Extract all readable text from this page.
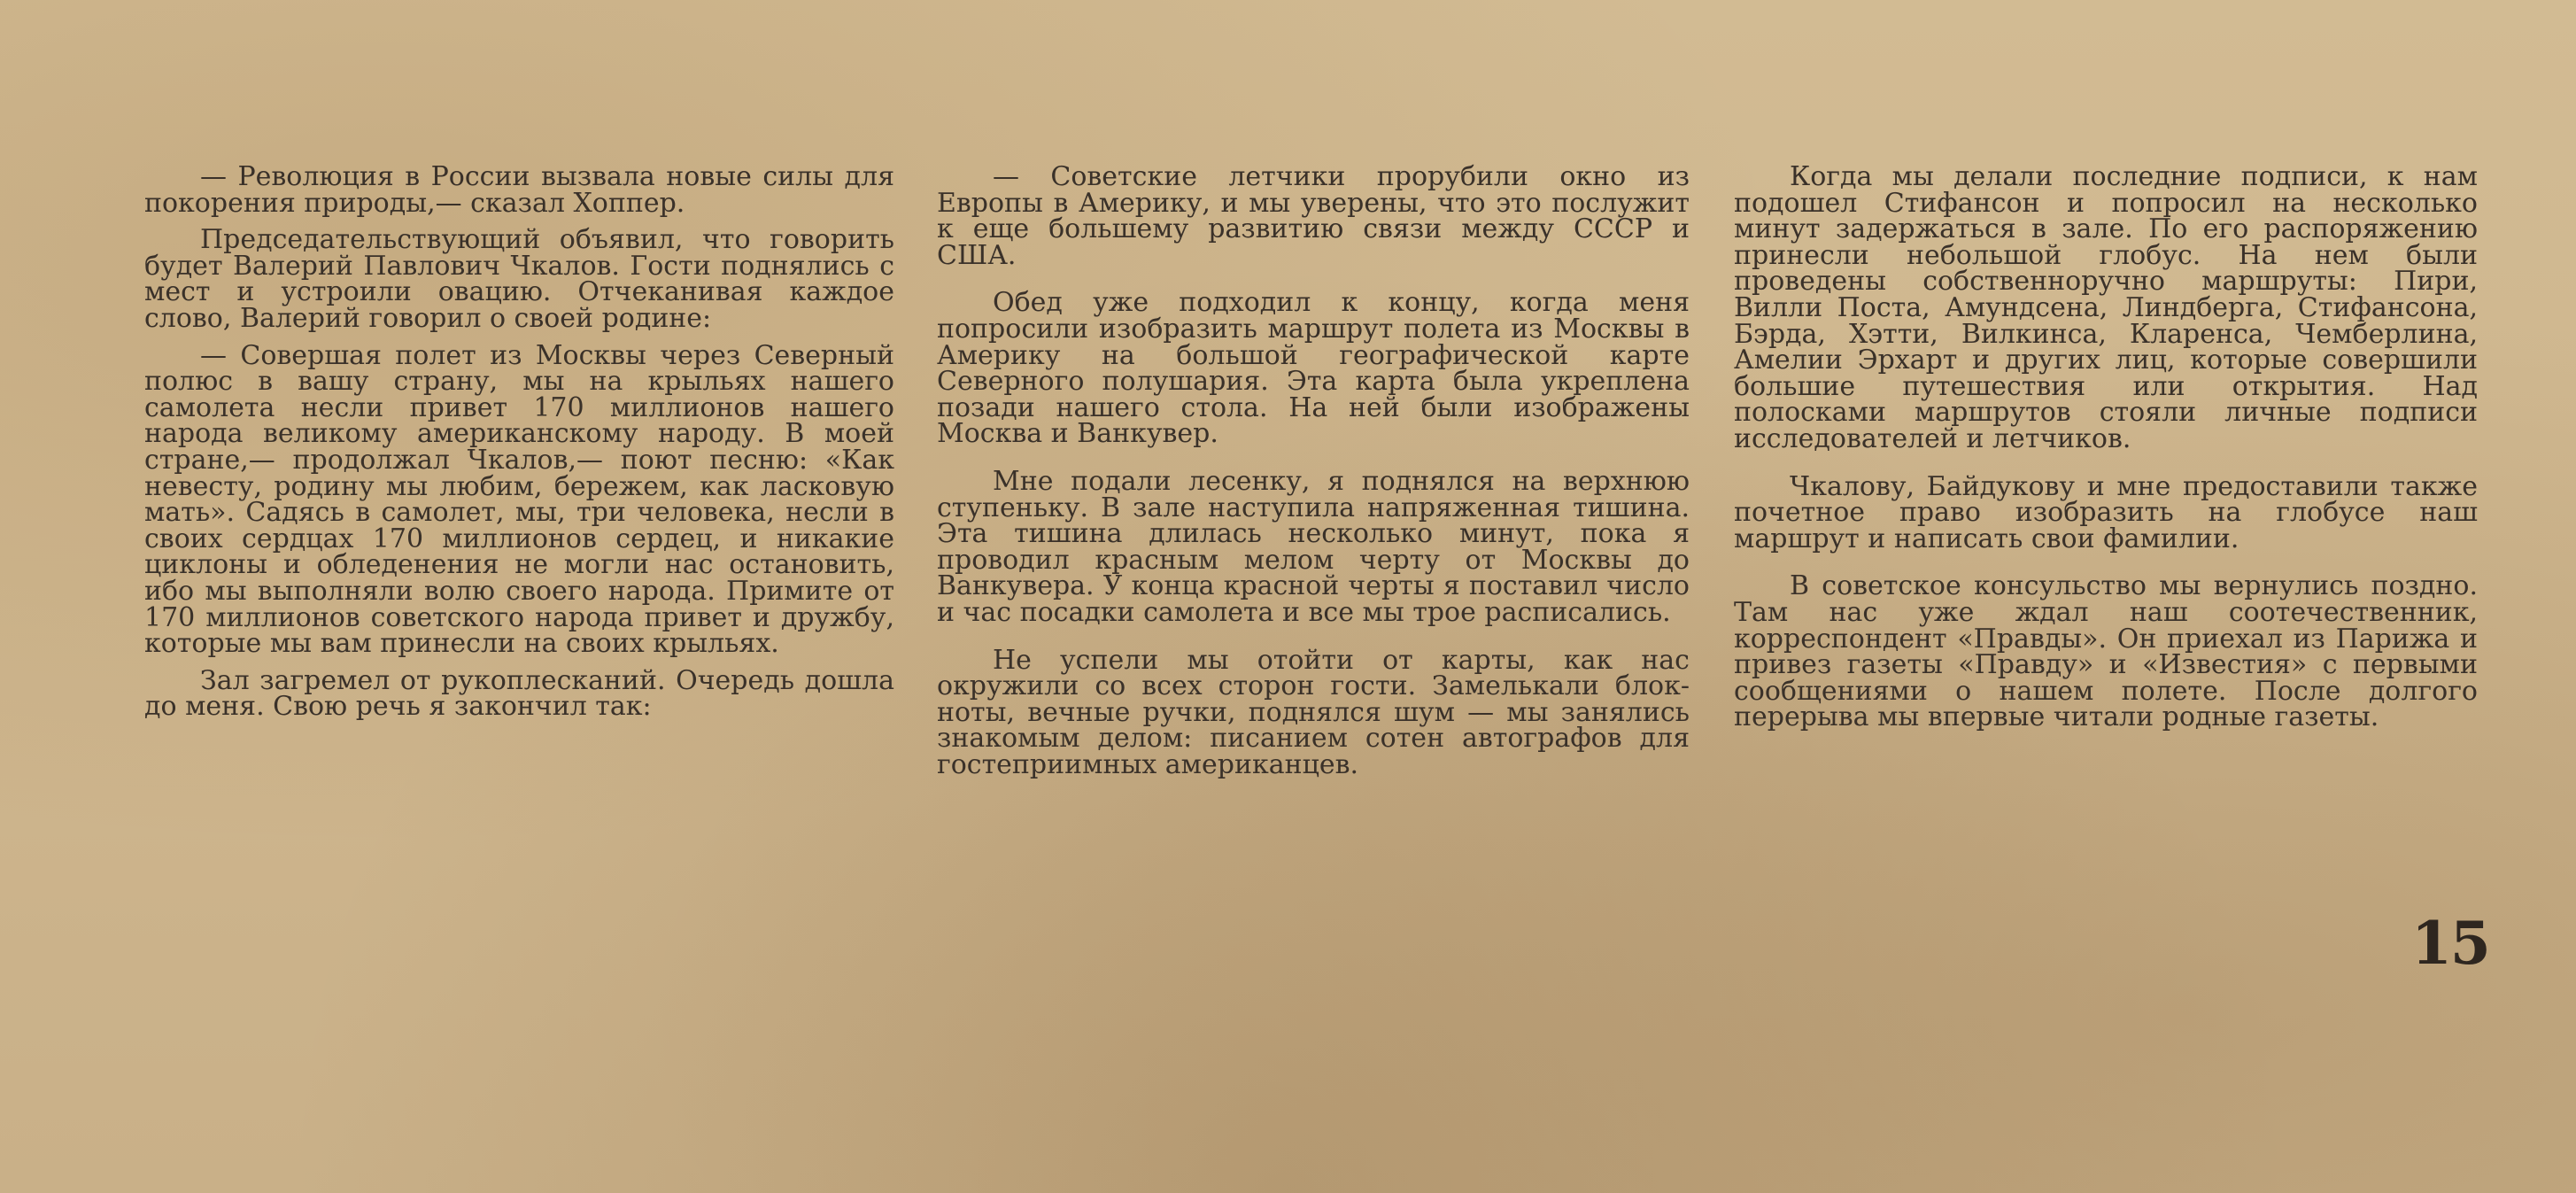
— Революция в России вызвала новые силы для покорения природы,— сказал Хоппер.

Председательствующий объявил, что говорить будет Валерий Павлович Чкалов. Гости поднялись с мест и устроили овацию. Отчеканивая каждое слово, Валерий говорил о своей родине:

— Совершая полет из Москвы через Северный полюс в вашу страну, мы на крыльях нашего самолета несли привет 170 миллионов нашего народа великому американскому народу. В моей стране,— продолжал Чкалов,— поют песню: «Как невесту, родину мы любим, бережем, как ласковую мать». Садясь в самолет, мы, три человека, несли в своих сердцах 170 миллионов сердец, и никакие циклоны и обледенения не могли нас остановить, ибо мы выполняли волю своего народа. Примите от 170 миллионов советского народа привет и дружбу, которые мы вам принесли на своих крыльях.

Зал загремел от рукоплесканий. Очередь дошла до меня. Свою речь я закончил так:

— Советские летчики прорубили окно из Европы в Америку, и мы уверены, что это послужит к еще большему развитию связи между СССР и США.

Обед уже подходил к концу, когда меня попросили изобразить маршрут полета из Москвы в Америку на большой географической карте Северного полушария. Эта карта была укреплена позади нашего стола. На ней были изображены Москва и Ванкувер.

Мне подали лесенку, я поднялся на верхнюю ступеньку. В зале наступила напряженная тишина. Эта тишина длилась несколько минут, пока я проводил красным мелом черту от Москвы до Ванкувера. У конца красной черты я поставил число и час посадки самолета и все мы трое расписались.

Не успели мы отойти от карты, как нас окружили со всех сторон гости. Замелькали блок-ноты, вечные ручки, поднялся шум — мы занялись знакомым делом: писанием сотен автографов для гостеприимных американцев.

Когда мы делали последние подписи, к нам подошел Стифансон и попросил на несколько минут задержаться в зале. По его распоряжению принесли небольшой глобус. На нем были проведены собственноручно маршруты: Пири, Вилли Поста, Амундсена, Линдберга, Стифансона, Бэрда, Хэтти, Вилкинса, Кларенса, Чемберлина, Амелии Эрхарт и других лиц, которые совершили большие путешествия или открытия. Над полосками маршрутов стояли личные подписи исследователей и летчиков.

Чкалову, Байдукову и мне предоставили также почетное право изобразить на глобусе наш маршрут и написать свои фамилии.

В советское консульство мы вернулись поздно. Там нас уже ждал наш соотечественник, корреспондент «Правды». Он приехал из Парижа и привез газеты «Правду» и «Известия» с первыми сообщениями о нашем полете. После долгого перерыва мы впервые читали родные газеты.

15
